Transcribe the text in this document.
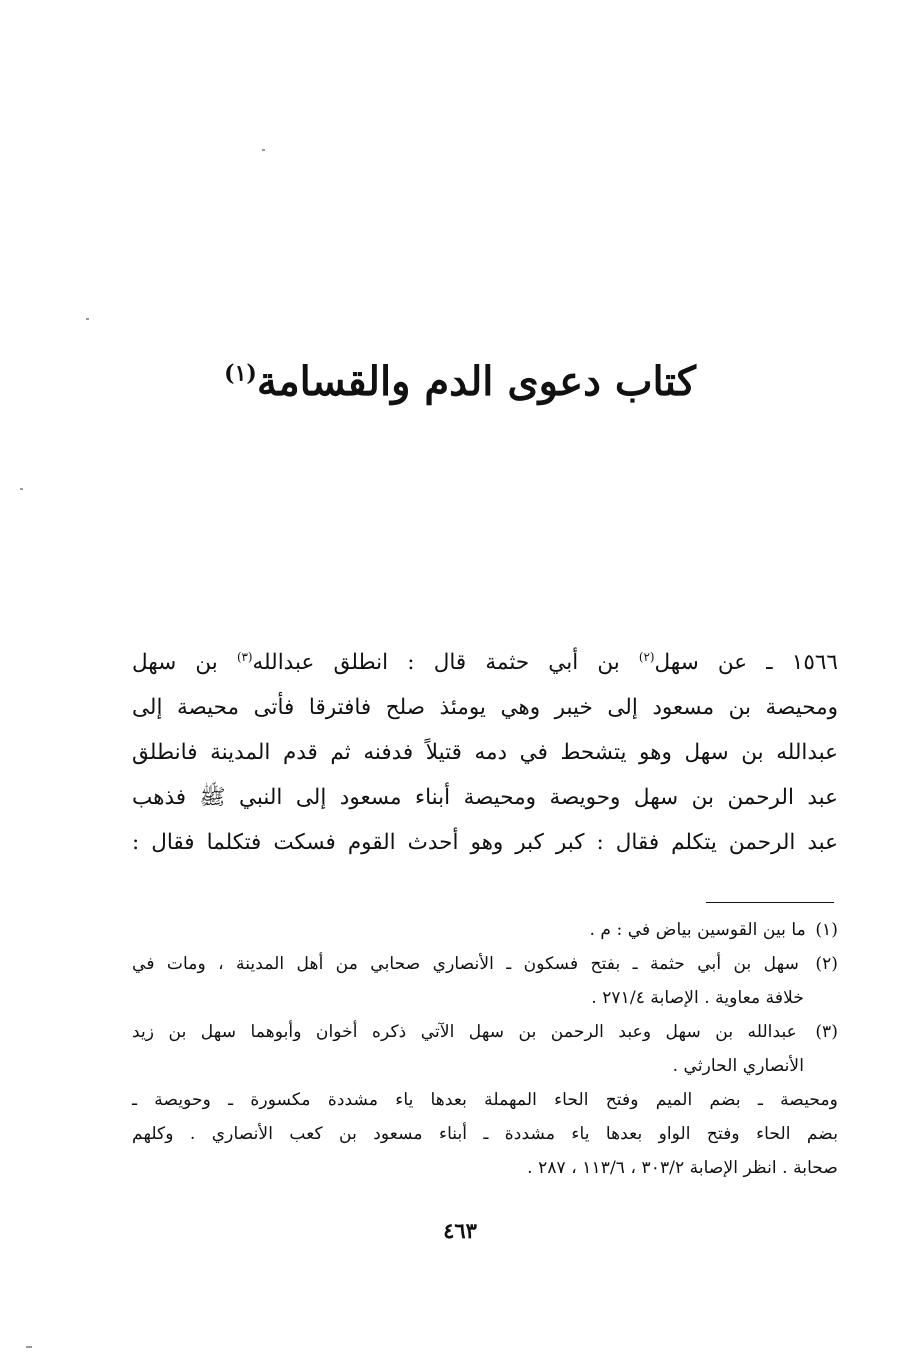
كتاب دعوى الدم والقسامة$^{(١)}$
١٥٦٦ ـ عن سهل$^{(٢)}$ بن أبي حثمة قال : انطلق عبدالله$^{(٣)}$ بن سهل
ومحيصة بن مسعود إلى خيبر وهي يومئذ صلح فافترقا فأتى محيصة إلى
عبدالله بن سهل وهو يتشحط في دمه قتيلاً فدفنه ثم قدم المدينة فانطلق
عبد الرحمن بن سهل وحويصة ومحيصة أبناء مسعود إلى النبي ﷺ فذهب
عبد الرحمن يتكلم فقال : كبر كبر وهو أحدث القوم فسكت فتكلما فقال :
(١) ما بين القوسين بياض في : م .
(٢) سهل بن أبي حثمة ـ بفتح فسكون ـ الأنصاري صحابي من أهل المدينة ، ومات في
خلافة معاوية . الإصابة ٢٧١/٤ .
(٣) عبدالله بن سهل وعبد الرحمن بن سهل الآتي ذكره أخوان وأبوهما سهل بن زيد
الأنصاري الحارثي .
ومحيصة ـ بضم الميم وفتح الحاء المهملة بعدها ياء مشددة مكسورة ـ وحويصة ـ
بضم الحاء وفتح الواو بعدها ياء مشددة ـ أبناء مسعود بن كعب الأنصاري . وكلهم
صحابة . انظر الإصابة ٣٠٣/٢ ، ١١٣/٦ ، ٢٨٧ .
٤٦٣
